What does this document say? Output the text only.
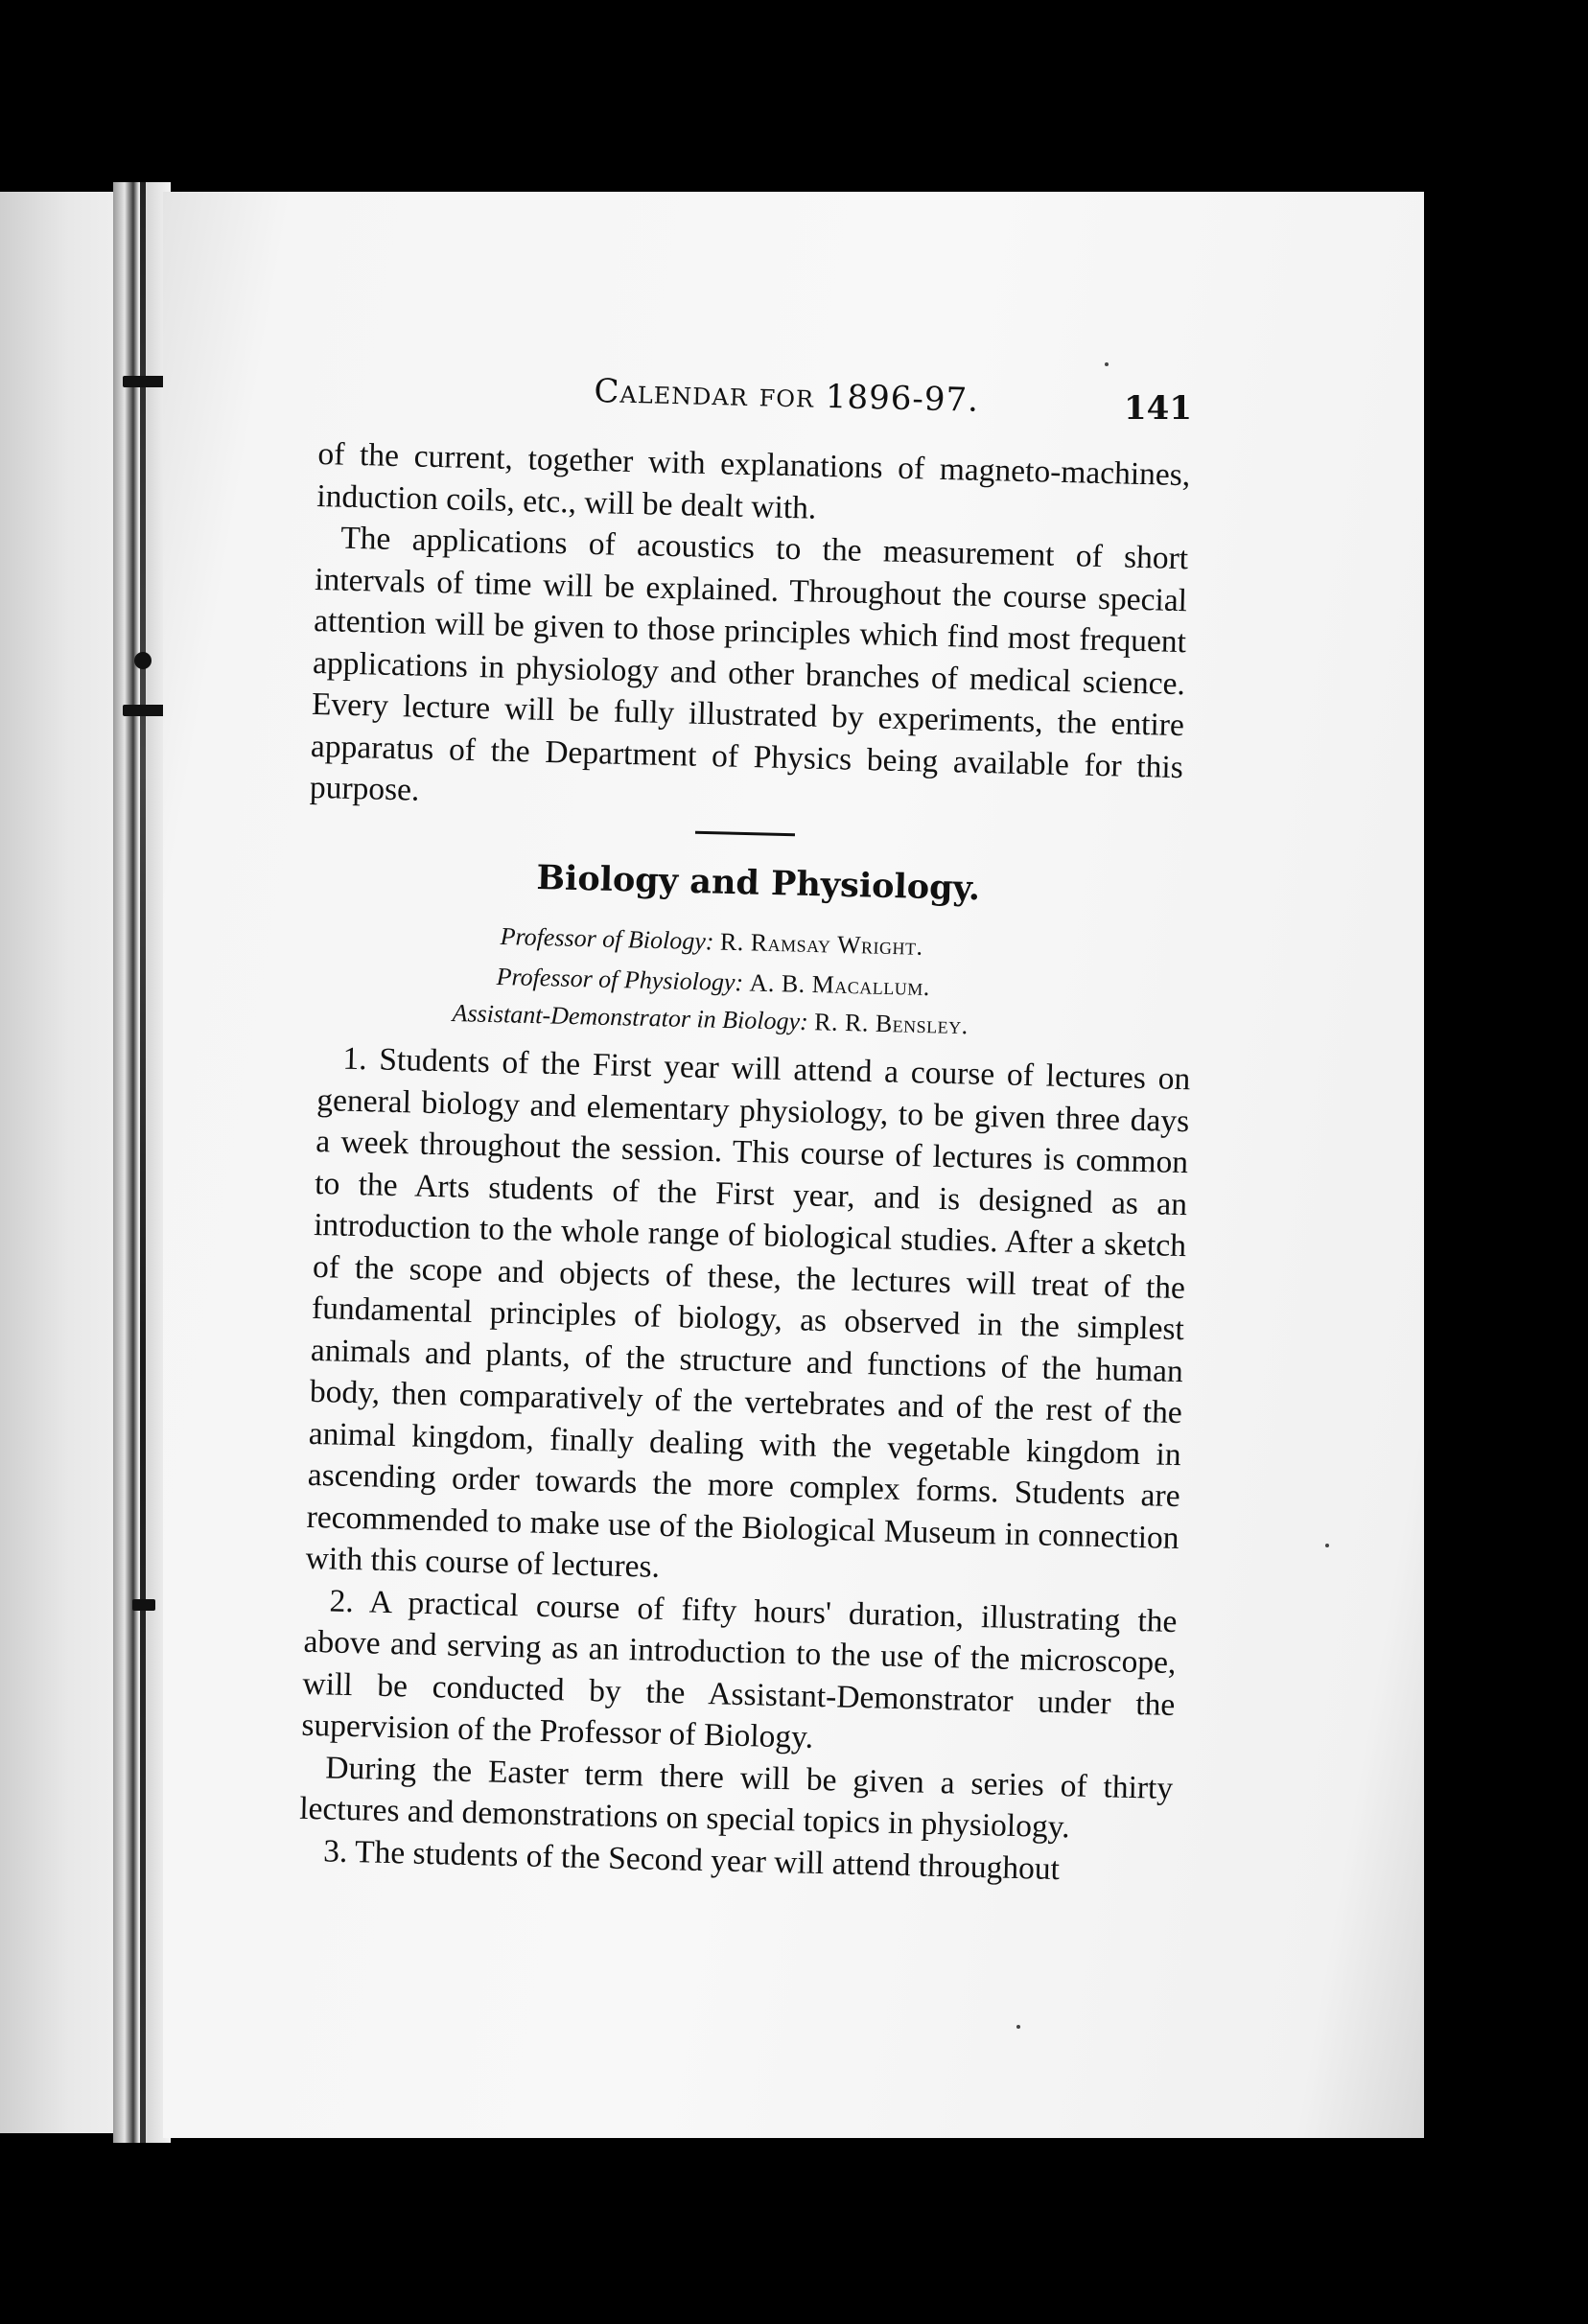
Calendar for 1896-97.	141

of the current, together with explanations of magneto-machines, induction coils, etc., will be dealt with.

The applications of acoustics to the measurement of short intervals of time will be explained. Throughout the course special attention will be given to those principles which find most frequent applications in physiology and other branches of medical science. Every lecture will be fully illustrated by experiments, the entire apparatus of the Department of Physics being available for this purpose.

Biology and Physiology.
Professor of Biology: R. Ramsay Wright.
Professor of Physiology: A. B. Macallum.
Assistant-Demonstrator in Biology: R. R. Bensley.

1. Students of the First year will attend a course of lectures on general biology and elementary physiology, to be given three days a week throughout the session. This course of lectures is common to the Arts students of the First year, and is designed as an introduction to the whole range of biological studies. After a sketch of the scope and objects of these, the lectures will treat of the fundamental principles of biology, as observed in the simplest animals and plants, of the structure and functions of the human body, then comparatively of the vertebrates and of the rest of the animal kingdom, finally dealing with the vegetable kingdom in ascending order towards the more complex forms. Students are recommended to make use of the Biological Museum in connection with this course of lectures.

2. A practical course of fifty hours' duration, illustrating the above and serving as an introduction to the use of the microscope, will be conducted by the Assistant-Demonstrator under the supervision of the Professor of Biology.

During the Easter term there will be given a series of thirty lectures and demonstrations on special topics in physiology.

3. The students of the Second year will attend throughout
